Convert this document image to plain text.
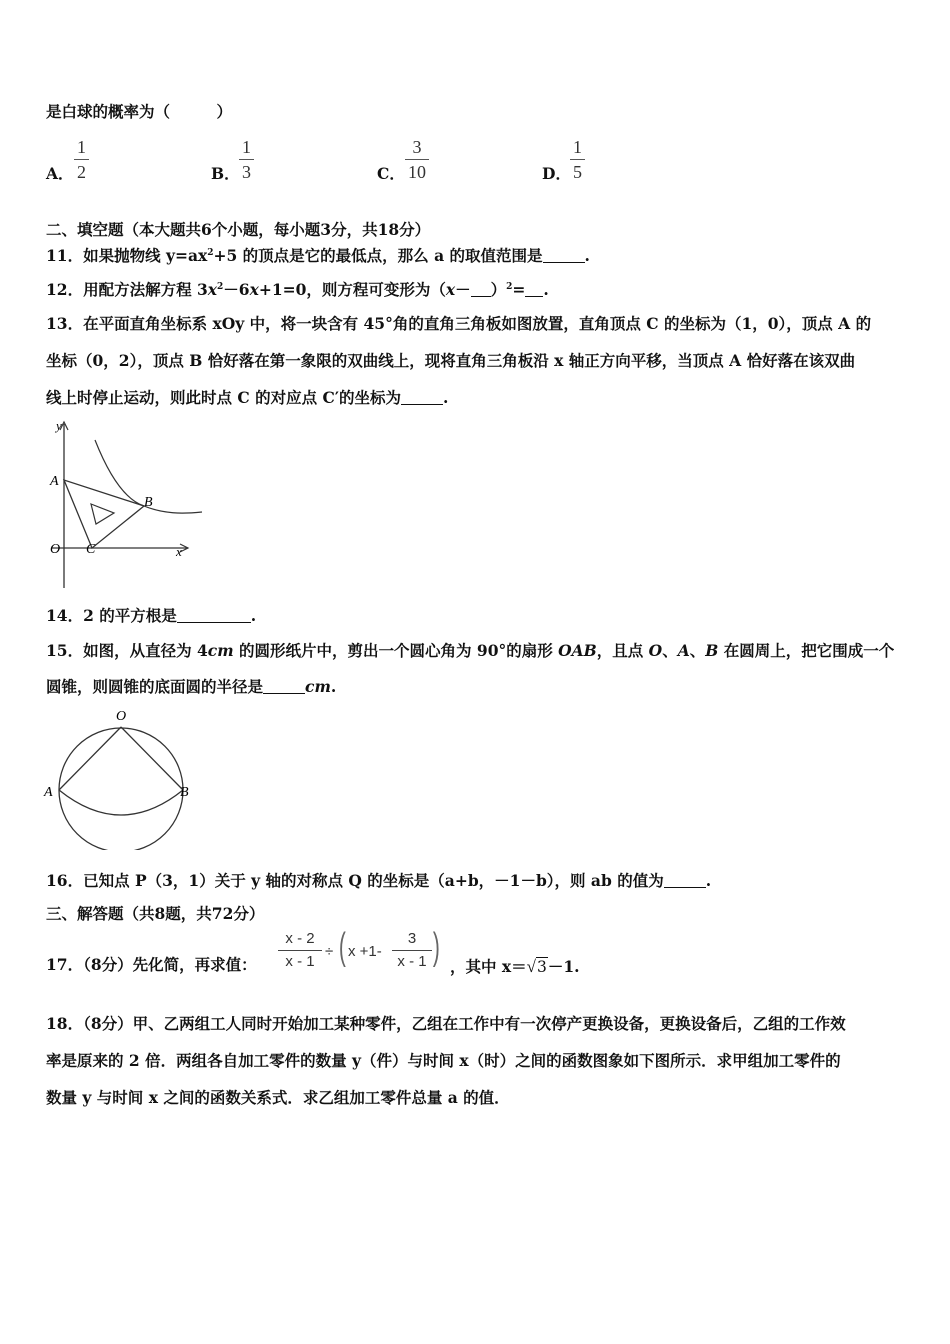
是白球的概率为（　　　）
A．
1
2	B．
1
3	C．
3
10	D．
1
5
二、填空题（本大题共6个小题，每小题3分，共18分）
11．如果抛物线 $y=ax^2+5$ 的顶点是它的最低点，那么 a 的取值范围是	.
12．用配方法解方程 $3x^2-6x+1=0$，则方程可变形为$(x- )^2=$ .
13．在平面直角坐标系 xOy 中，将一块含有 45°角的直角三角板如图放置，直角顶点 C 的坐标为（1，0），顶点 A 的
坐标（0，2），顶点 B 恰好落在第一象限的双曲线上，现将直角三角板沿 x 轴正方向平移，当顶点 A 恰好落在该双曲
线上时停止运动，则此时点 C 的对应点 C′的坐标为	.
y
x
O
A
B
C
14．2 的平方根是	.
15．如图，从直径为 4cm 的圆形纸片中，剪出一个圆心角为 90°的扇形 OAB，且点 O、A、B 在圆周上，把它围成一个
圆锥，则圆锥的底面圆的半径是	cm.
O
A	B
16．已知点 P（3，1）关于 y 轴的对称点 Q 的坐标是（a+b，－1－b），则 ab 的值为	.
三、解答题（共8题，共72分）
17．（8分）先化简，再求值：
x - 2
x - 1
÷ ( x +1-
3
x - 1 ) ，其中 x＝√3－1.
18．（8分）甲、乙两组工人同时开始加工某种零件，乙组在工作中有一次停产更换设备，更换设备后，乙组的工作效
率是原来的 2 倍．两组各自加工零件的数量 y（件）与时间 x（时）之间的函数图象如下图所示．求甲组加工零件的
数量 y 与时间 x 之间的函数关系式．求乙组加工零件总量 a 的值．
